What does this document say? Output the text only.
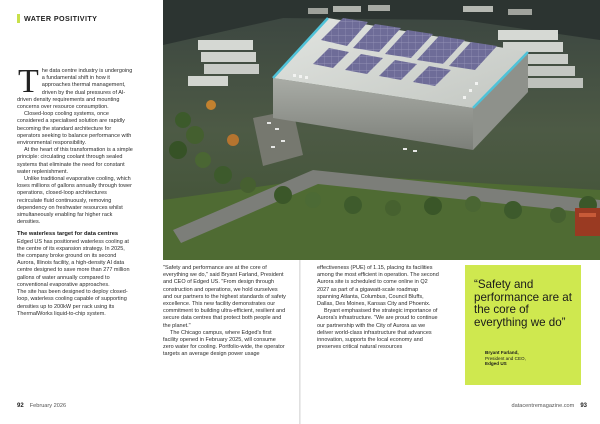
WATER POSITIVITY

The data centre industry is undergoing a fundamental shift in how it approaches thermal management, driven by the dual pressures of AI-driven density requirements and mounting concerns over resource consumption.

Closed-loop cooling systems, once considered a specialised solution are rapidly becoming the standard architecture for operators seeking to balance performance with environmental responsibility.

At the heart of this transformation is a simple principle: circulating coolant through sealed systems that eliminate the need for constant water replenishment.

Unlike traditional evaporative cooling, which loses millions of gallons annually through tower operations, closed-loop architectures recirculate fluid continuously, removing dependency on freshwater resources whilst simultaneously enabling far higher rack densities.

The waterless target for data centres

Edged US has positioned waterless cooling at the centre of its expansion strategy. In 2025, the company broke ground on its second Aurora, Illinois facility, a high-density AI data centre designed to save more than 277 million gallons of water annually compared to conventional evaporative approaches.

The site has been designed to deploy closed-loop, waterless cooling capable of supporting densities up to 200kW per rack using its ThermalWorks liquid-to-chip system.

92 February 2026	datacentremagazine.com 93

"Safety and performance are at the core of everything we do," said Bryant Farland, President and CEO of Edged US. "From design through construction and operations, we hold ourselves and our partners to the highest standards of safety excellence. This new facility demonstrates our commitment to building ultra-efficient, resilient and secure data centres that protect both people and the planet."

The Chicago campus, where Edged's first facility opened in February 2025, will consume zero water for cooling. Portfolio-wide, the operator targets an average design power usage

effectiveness (PUE) of 1.15, placing its facilities among the most efficient in operation. The second Aurora site is scheduled to come online in Q2 2027 as part of a gigawatt-scale roadmap spanning Atlanta, Columbus, Council Bluffs, Dallas, Des Moines, Kansas City and Phoenix.

Bryant emphasised the strategic importance of Aurora's infrastructure. "We are proud to continue our partnership with the City of Aurora as we deliver world-class infrastructure that advances innovation, supports the local economy and preserves critical natural resources

“Safety and performance are at the core of everything we do”
Bryant Farland,
President and CEO,
Edged US
